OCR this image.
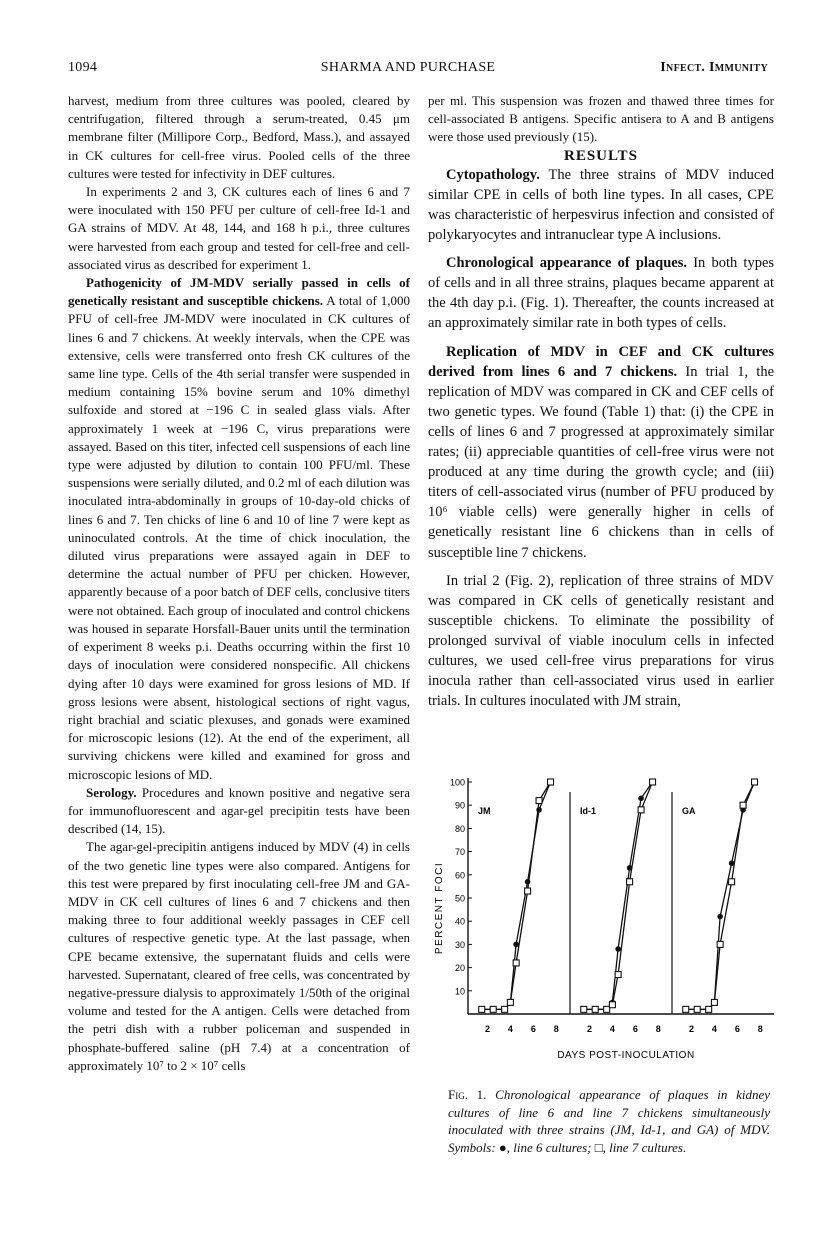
1094	SHARMA AND PURCHASE	Infect. Immunity

harvest, medium from three cultures was pooled, cleared by centrifugation, filtered through a serum-treated, 0.45 μm membrane filter (Millipore Corp., Bedford, Mass.), and assayed in CK cultures for cell-free virus. Pooled cells of the three cultures were tested for infectivity in DEF cultures.

In experiments 2 and 3, CK cultures each of lines 6 and 7 were inoculated with 150 PFU per culture of cell-free Id-1 and GA strains of MDV. At 48, 144, and 168 h p.i., three cultures were harvested from each group and tested for cell-free and cell-associated virus as described for experiment 1.

Pathogenicity of JM-MDV serially passed in cells of genetically resistant and susceptible chickens. A total of 1,000 PFU of cell-free JM-MDV were inoculated in CK cultures of lines 6 and 7 chickens. At weekly intervals, when the CPE was extensive, cells were transferred onto fresh CK cultures of the same line type. Cells of the 4th serial transfer were suspended in medium containing 15% bovine serum and 10% dimethyl sulfoxide and stored at −196 C in sealed glass vials. After approximately 1 week at −196 C, virus preparations were assayed. Based on this titer, infected cell suspensions of each line type were adjusted by dilution to contain 100 PFU/ml. These suspensions were serially diluted, and 0.2 ml of each dilution was inoculated intra-abdominally in groups of 10-day-old chicks of lines 6 and 7. Ten chicks of line 6 and 10 of line 7 were kept as uninoculated controls. At the time of chick inoculation, the diluted virus preparations were assayed again in DEF to determine the actual number of PFU per chicken. However, apparently because of a poor batch of DEF cells, conclusive titers were not obtained. Each group of inoculated and control chickens was housed in separate Horsfall-Bauer units until the termination of experiment 8 weeks p.i. Deaths occurring within the first 10 days of inoculation were considered nonspecific. All chickens dying after 10 days were examined for gross lesions of MD. If gross lesions were absent, histological sections of right vagus, right brachial and sciatic plexuses, and gonads were examined for microscopic lesions (12). At the end of the experiment, all surviving chickens were killed and examined for gross and microscopic lesions of MD.

Serology. Procedures and known positive and negative sera for immunofluorescent and agar-gel precipitin tests have been described (14, 15).

The agar-gel-precipitin antigens induced by MDV (4) in cells of the two genetic line types were also compared. Antigens for this test were prepared by first inoculating cell-free JM and GA-MDV in CK cell cultures of lines 6 and 7 chickens and then making three to four additional weekly passages in CEF cell cultures of respective genetic type. At the last passage, when CPE became extensive, the supernatant fluids and cells were harvested. Supernatant, cleared of free cells, was concentrated by negative-pressure dialysis to approximately 1/50th of the original volume and tested for the A antigen. Cells were detached from the petri dish with a rubber policeman and suspended in phosphate-buffered saline (pH 7.4) at a concentration of approximately 10⁷ to 2 × 10⁷ cells

per ml. This suspension was frozen and thawed three times for cell-associated B antigens. Specific antisera to A and B antigens were those used previously (15).

RESULTS

Cytopathology. The three strains of MDV induced similar CPE in cells of both line types. In all cases, CPE was characteristic of herpesvirus infection and consisted of polykaryocytes and intranuclear type A inclusions.

Chronological appearance of plaques. In both types of cells and in all three strains, plaques became apparent at the 4th day p.i. (Fig. 1). Thereafter, the counts increased at an approximately similar rate in both types of cells.

Replication of MDV in CEF and CK cultures derived from lines 6 and 7 chickens. In trial 1, the replication of MDV was compared in CK and CEF cells of two genetic types. We found (Table 1) that: (i) the CPE in cells of lines 6 and 7 progressed at approximately similar rates; (ii) appreciable quantities of cell-free virus were not produced at any time during the growth cycle; and (iii) titers of cell-associated virus (number of PFU produced by 10⁶ viable cells) were generally higher in cells of genetically resistant line 6 chickens than in cells of susceptible line 7 chickens.

In trial 2 (Fig. 2), replication of three strains of MDV was compared in CK cells of genetically resistant and susceptible chickens. To eliminate the possibility of prolonged survival of viable inoculum cells in infected cultures, we used cell-free virus preparations for virus inocula rather than cell-associated virus used in earlier trials. In cultures inoculated with JM strain,

PERCENT FOCI
DAYS POST-INOCULATION
10
20
30
40
50
60
70
80
90
100
JM
2 4 6 8
Id-1
2 4 6 8
GA
2 4 6 8
Fig. 1. Chronological appearance of plaques in kidney cultures of line 6 and line 7 chickens simultaneously inoculated with three strains (JM, Id-1, and GA) of MDV. Symbols: ●, line 6 cultures; □, line 7 cultures.
